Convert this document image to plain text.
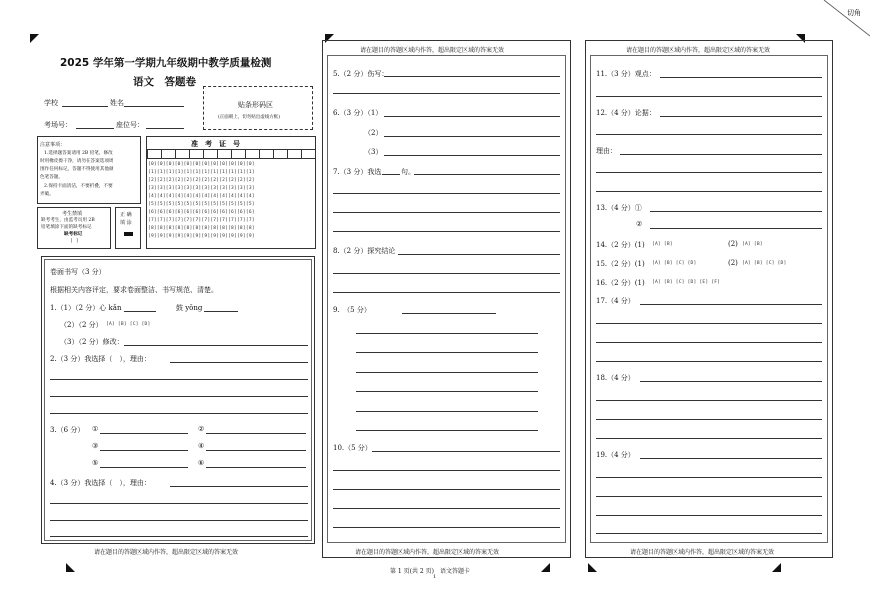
切角
2025 学年第一学期九年级期中教学质量检测
语文　答题卷
学校	姓名
考场号：	座位号：
贴条形码区
(正面朝上，切勿贴出虚线方框)
注意事项：
1.选择题答案请用 2B 铅笔，修改
时用橡皮擦干净，请勿在答案选项周
围作任何标记，答题不得使用其他颜
色笔答题。
2.保持卡面清洁，不要折叠，不要
弄破。
考生禁填
缺考考生，由监考员用 2B
铅笔填涂下面的缺考标记
缺考标记
[ ]
正 确
填 涂
准　考　证　号
[0][0][0][0][0][0][0][0][0][0][0][0]
[1][1][1][1][1][1][1][1][1][1][1][1]
[2][2][2][2][2][2][2][2][2][2][2][2]
[3][3][3][3][3][3][3][3][3][3][3][3]
[4][4][4][4][4][4][4][4][4][4][4][4]
[5][5][5][5][5][5][5][5][5][5][5][5]
[6][6][6][6][6][6][6][6][6][6][6][6]
[7][7][7][7][7][7][7][7][7][7][7][7]
[8][8][8][8][8][8][8][8][8][8][8][8]
[9][9][9][9][9][9][9][9][9][9][9][9]
卷面书写（3 分）
根据相关内容评定，要求卷面整洁、书写规范、清楚。
1.（1）（2 分）心 kǎn	鼓 yǒng
（2）（2 分） [A] [B] [C] [D]
（3）（2 分）修改：
2.（3 分）我选择（　），理由：
3.（6 分） ①	②
③	④
⑤	⑥
4.（3 分）我选择（　），理由：
请在题目的答题区域内作答，超出限定区域的答案无效
请在题目的答题区域内作答，超出限定区域的答案无效
5.（2 分）伤写：
6.（3 分）（1）
（2）
（3）
7.（3 分）我选	句。
8.（2 分）探究结论
9.　（5 分）
10.（5 分）
请在题目的答题区域内作答，超出限定区域的答案无效
请在题目的答题区域内作答，超出限定区域的答案无效
11.（3 分）观点：
12.（4 分）论据：
理由：
13.（4 分）①
②
14.（2 分）(1) [A] [B]	(2) [A] [B]
15.（2 分）(1) [A] [B] [C] [D]	(2) [A] [B] [C] [D]
16.（2 分）(1) [A] [B] [C] [D] [E] [F]
17.（4 分）
18.（4 分）
19.（4 分）
请在题目的答题区域内作答，超出限定区域的答案无效
第 1 页(共 2 页)　语文答题卡
1
